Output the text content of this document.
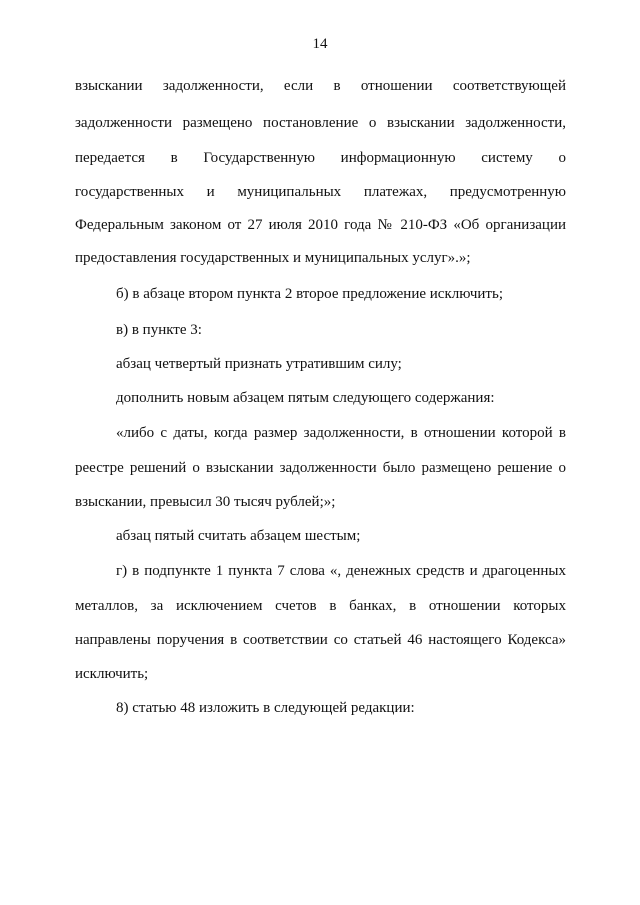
14
взыскании задолженности, если в отношении соответствующей
задолженности размещено постановление о взыскании задолженности,
передается в Государственную информационную систему о
государственных и муниципальных платежах, предусмотренную
Федеральным законом от 27 июля 2010 года № 210-ФЗ «Об организации
предоставления государственных и муниципальных услуг».»;
б) в абзаце втором пункта 2 второе предложение исключить;
в) в пункте 3:
абзац четвертый признать утратившим силу;
дополнить новым абзацем пятым следующего содержания:
«либо с даты, когда размер задолженности, в отношении которой в
реестре решений о взыскании задолженности было размещено решение о
взыскании, превысил 30 тысяч рублей;»;
абзац пятый считать абзацем шестым;
г) в подпункте 1 пункта 7 слова «, денежных средств и драгоценных
металлов, за исключением счетов в банках, в отношении которых
направлены поручения в соответствии со статьей 46 настоящего Кодекса»
исключить;
8) статью 48 изложить в следующей редакции:
